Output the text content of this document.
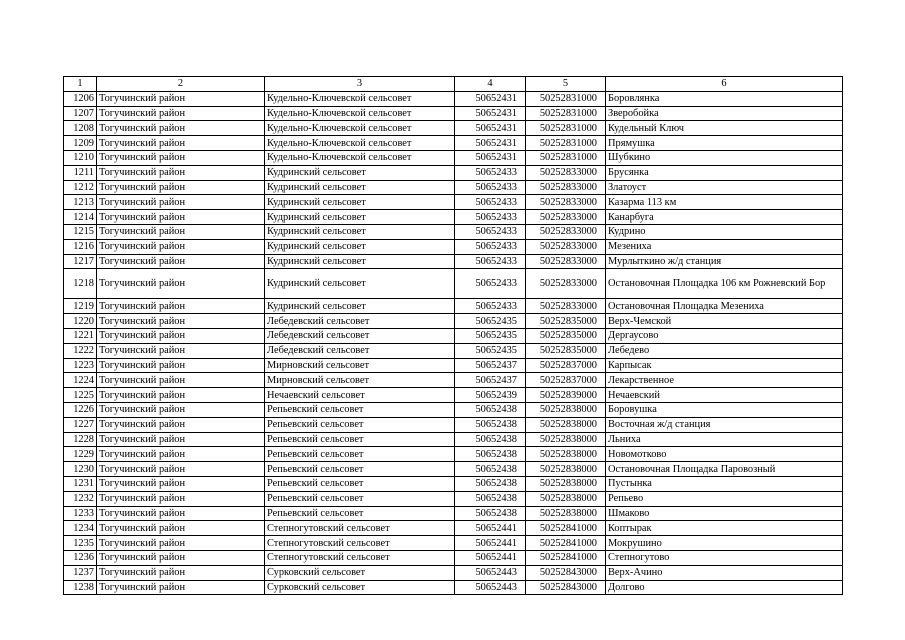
1	2	3	4	5	6
1206	Тогучинский район	Кудельно-Ключевской сельсовет	50652431	50252831000	Боровлянка
1207	Тогучинский район	Кудельно-Ключевской сельсовет	50652431	50252831000	Зверобойка
1208	Тогучинский район	Кудельно-Ключевской сельсовет	50652431	50252831000	Кудельный Ключ
1209	Тогучинский район	Кудельно-Ключевской сельсовет	50652431	50252831000	Прямушка
1210	Тогучинский район	Кудельно-Ключевской сельсовет	50652431	50252831000	Шубкино
1211	Тогучинский район	Кудринский сельсовет	50652433	50252833000	Брусянка
1212	Тогучинский район	Кудринский сельсовет	50652433	50252833000	Златоуст
1213	Тогучинский район	Кудринский сельсовет	50652433	50252833000	Казарма 113 км
1214	Тогучинский район	Кудринский сельсовет	50652433	50252833000	Канарбуга
1215	Тогучинский район	Кудринский сельсовет	50652433	50252833000	Кудрино
1216	Тогучинский район	Кудринский сельсовет	50652433	50252833000	Мезениха
1217	Тогучинский район	Кудринский сельсовет	50652433	50252833000	Мурлыткино ж/д станция
1218	Тогучинский район	Кудринский сельсовет	50652433	50252833000	Остановочная Площадка 106 км Рожневский Бор
1219	Тогучинский район	Кудринский сельсовет	50652433	50252833000	Остановочная Площадка Мезениха
1220	Тогучинский район	Лебедевский сельсовет	50652435	50252835000	Верх-Чемской
1221	Тогучинский район	Лебедевский сельсовет	50652435	50252835000	Дергаусово
1222	Тогучинский район	Лебедевский сельсовет	50652435	50252835000	Лебедево
1223	Тогучинский район	Мирновский сельсовет	50652437	50252837000	Карпысак
1224	Тогучинский район	Мирновский сельсовет	50652437	50252837000	Лекарственное
1225	Тогучинский район	Нечаевский сельсовет	50652439	50252839000	Нечаевский
1226	Тогучинский район	Репьевский сельсовет	50652438	50252838000	Боровушка
1227	Тогучинский район	Репьевский сельсовет	50652438	50252838000	Восточная ж/д станция
1228	Тогучинский район	Репьевский сельсовет	50652438	50252838000	Льниха
1229	Тогучинский район	Репьевский сельсовет	50652438	50252838000	Новомотково
1230	Тогучинский район	Репьевский сельсовет	50652438	50252838000	Остановочная Площадка Паровозный
1231	Тогучинский район	Репьевский сельсовет	50652438	50252838000	Пустынка
1232	Тогучинский район	Репьевский сельсовет	50652438	50252838000	Репьево
1233	Тогучинский район	Репьевский сельсовет	50652438	50252838000	Шмаково
1234	Тогучинский район	Степногутовский сельсовет	50652441	50252841000	Коптырак
1235	Тогучинский район	Степногутовский сельсовет	50652441	50252841000	Мокрушино
1236	Тогучинский район	Степногутовский сельсовет	50652441	50252841000	Степногутово
1237	Тогучинский район	Сурковский сельсовет	50652443	50252843000	Верх-Ачино
1238	Тогучинский район	Сурковский сельсовет	50652443	50252843000	Долгово
